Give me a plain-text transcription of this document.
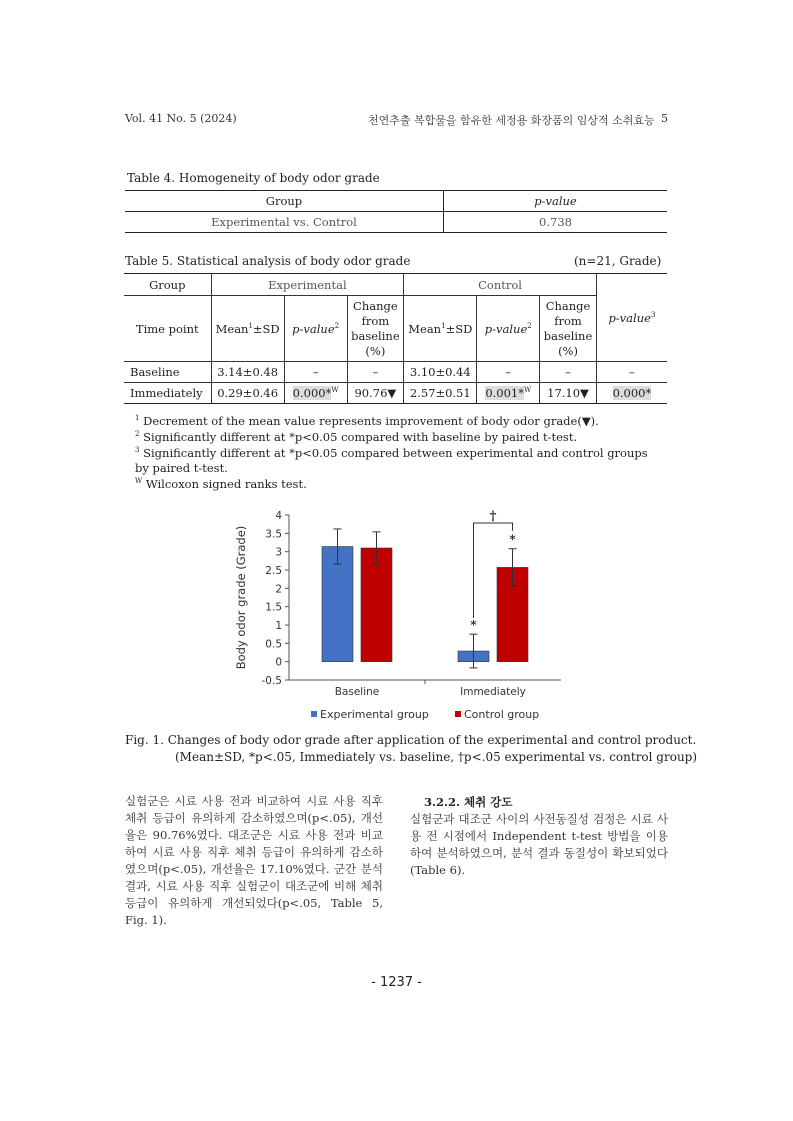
Vol. 41 No. 5 (2024)	천연추출 복합물을 함유한 세정용 화장품의 임상적 소취효능 5
Table 4. Homogeneity of body odor grade
Group	p-value
Experimental vs. Control	0.738
Table 5. Statistical analysis of body odor grade	(n=21, Grade)
Group	Experimental			Control			p-value$^3$
Time point	Mean$^1$±SD	p-value$^2$	Change from baseline (%)	Mean$^1$±SD	p-value$^2$	Change from baseline (%)	
Baseline	3.14±0.48	–	–	3.10±0.44	–	–	–
Immediately	0.29±0.46	0.000*$^W$	90.76▼	2.57±0.51	0.001*$^W$	17.10▼	0.000*
$^1$ Decrement of the mean value represents improvement of body odor grade(▼).
$^2$ Significantly different at *p<0.05 compared with baseline by paired t-test.
$^3$ Significantly different at *p<0.05 compared between experimental and control groups by paired t-test.
$^W$ Wilcoxon signed ranks test.
-0.5
0
0.5
1
1.5
2
2.5
3
3.5
4
Body odor grade (Grade)
Baseline	Immediately
*
*
†
Experimental group	Control group
Fig. 1. Changes of body odor grade after application of the experimental and control product.
(Mean±SD, *p<.05, Immediately vs. baseline, †p<.05 experimental vs. control group)
실험군은 시료 사용 전과 비교하여 시료 사용 직후 체취 등급이 유의하게 감소하였으며(p<.05), 개선율은 90.76%였다. 대조군은 시료 사용 전과 비교하여 시료 사용 직후 체취 등급이 유의하게 감소하였으며(p<.05), 개선율은 17.10%였다. 군간 분석 결과, 시료 사용 직후 실험군이 대조군에 비해 체취 등급이 유의하게 개선되었다(p<.05, Table 5, Fig. 1).
3.2.2. 체취 강도
실험군과 대조군 사이의 사전동질성 검정은 시료 사용 전 시점에서 Independent t-test 방법을 이용하여 분석하였으며, 분석 결과 동질성이 확보되었다(Table 6).
- 1237 -
